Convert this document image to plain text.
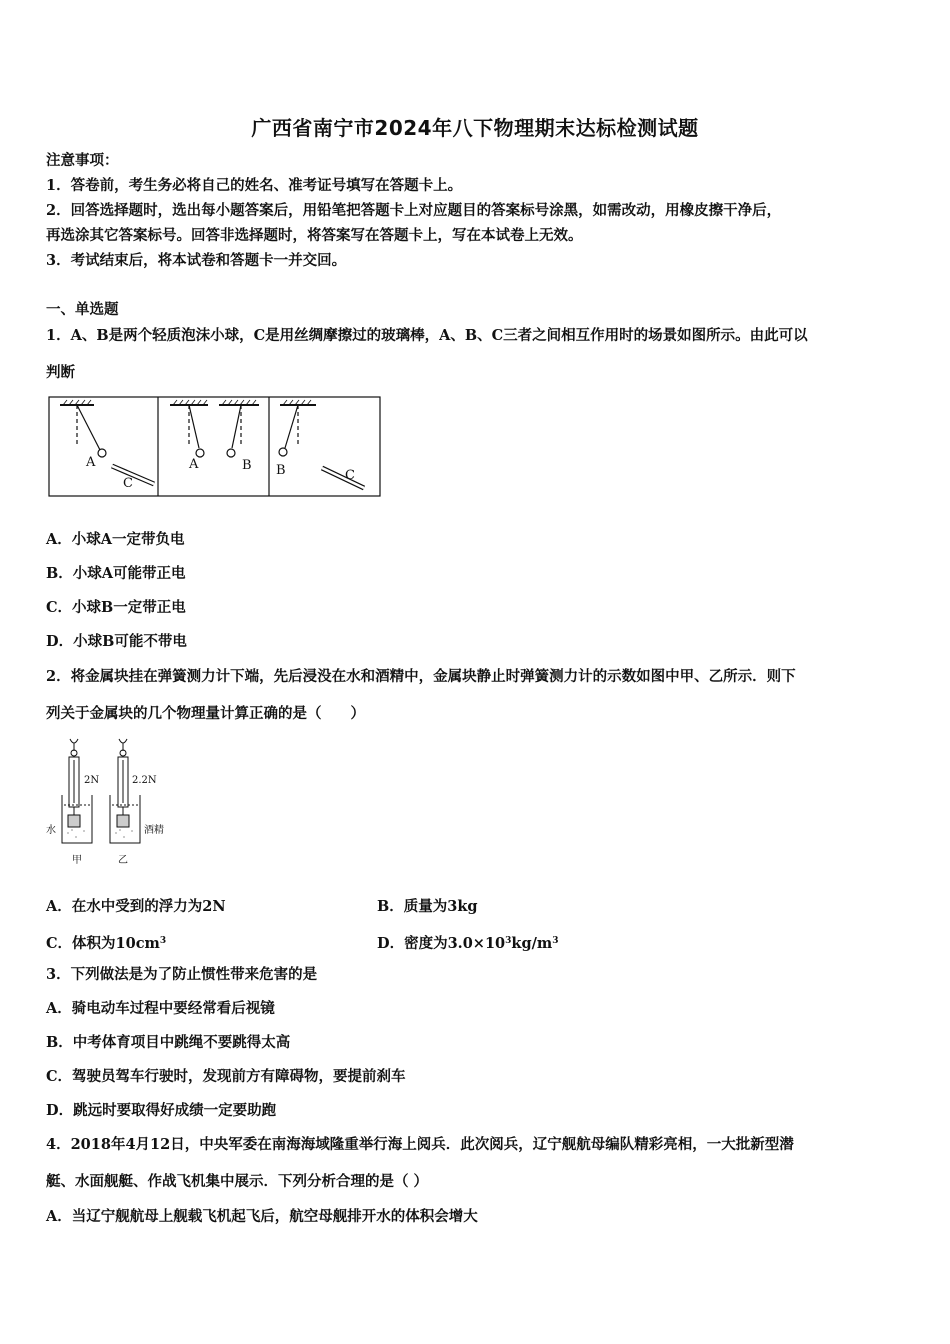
广西省南宁市2024年八下物理期末达标检测试题
注意事项：
1．答卷前，考生务必将自己的姓名、准考证号填写在答题卡上。
2．回答选择题时，选出每小题答案后，用铅笔把答题卡上对应题目的答案标号涂黑，如需改动，用橡皮擦干净后，
再选涂其它答案标号。回答非选择题时，将答案写在答题卡上，写在本试卷上无效。
3．考试结束后，将本试卷和答题卡一并交回。
一、单选题
1．A、B是两个轻质泡沫小球，C是用丝绸摩擦过的玻璃棒，A、B、C三者之间相互作用时的场景如图所示。由此可以
判断
A
C
A	B B	C
A．小球A一定带负电
B．小球A可能带正电
C．小球B一定带正电
D．小球B可能不带电
2．将金属块挂在弹簧测力计下端，先后浸没在水和酒精中，金属块静止时弹簧测力计的示数如图中甲、乙所示．则下
列关于金属块的几个物理量计算正确的是（　　）
2N	2.2N
水	酒精
甲	乙
A．在水中受到的浮力为2N	B．质量为3kg
C．体积为$10cm^3$	D．密度为$3.0\times 10^3kg/m^3$
3．下列做法是为了防止惯性带来危害的是
A．骑电动车过程中要经常看后视镜
B．中考体育项目中跳绳不要跳得太高
C．驾驶员驾车行驶时，发现前方有障碍物，要提前刹车
D．跳远时要取得好成绩一定要助跑
4．2018年4月12日，中央军委在南海海域隆重举行海上阅兵．此次阅兵，辽宁舰航母编队精彩亮相，一大批新型潜
艇、水面舰艇、作战飞机集中展示．下列分析合理的是（ ）
A．当辽宁舰航母上舰载飞机起飞后，航空母舰排开水的体积会增大
